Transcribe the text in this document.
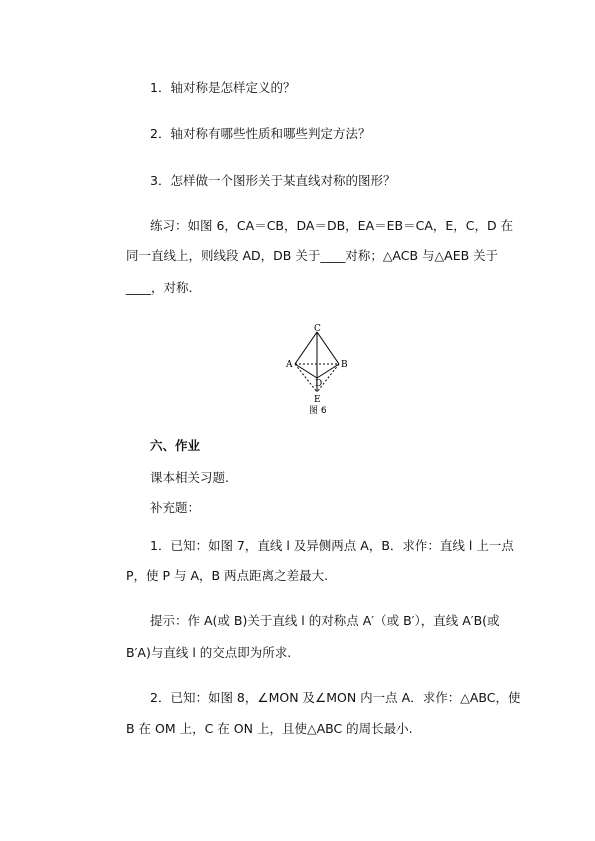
1．轴对称是怎样定义的？
2．轴对称有哪些性质和哪些判定方法？
3．怎样做一个图形关于某直线对称的图形？
练习：如图 6，CA＝CB，DA＝DB，EA＝EB＝CA，E，C，D 在
同一直线上，则线段 AD，DB 关于____对称；△ACB 与△AEB 关于
____，对称.
C
A	B
D
E
图 6
六、作业
课本相关习题.
补充题：
1．已知：如图 7，直线 l 及异侧两点 A，B．求作：直线 l 上一点
P，使 P 与 A，B 两点距离之差最大.
提示：作 A(或 B)关于直线 l 的对称点 A′（或 B′），直线 A′B(或
B′A)与直线 l 的交点即为所求.
2．已知：如图 8，∠MON 及∠MON 内一点 A．求作：△ABC，使
B 在 OM 上，C 在 ON 上，且使△ABC 的周长最小.
